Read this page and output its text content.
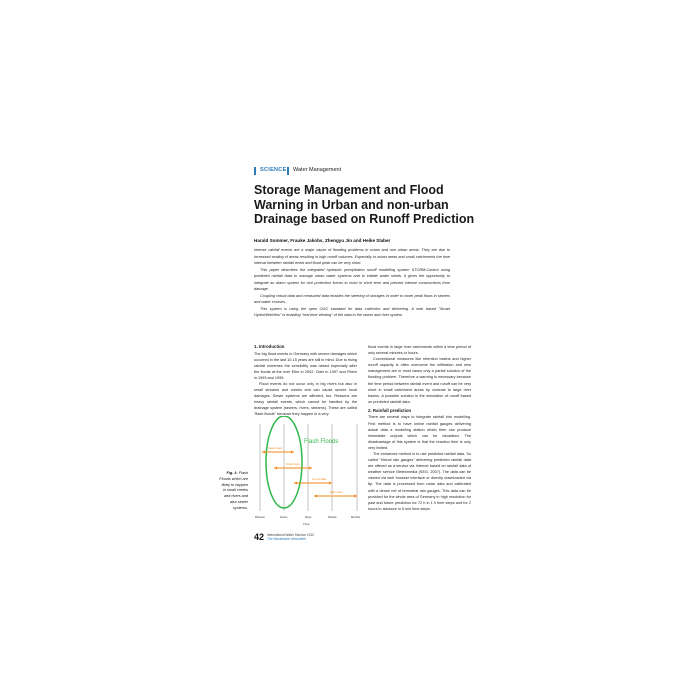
SCIENCE Water Management
Storage Management and Flood
Warning in Urban and non-urban
Drainage based on Runoff Prediction
Harald Sommer, Frauke Jakobs, Zhengyu Jin and Heike Slaber

Intense rainfall events are a major cause of flooding problems in urban and non urban areas. They are due to increased sealing of areas resulting in high runoff volumes. Especially in urban areas and small catchments the time interval between rainfall event and flood peak can be very short.

This paper describes the integrated hydraulic precipitation runoff modelling system STORM.Control using predicted rainfall data to manage urban water systems and to initiate water sheds. It gives the opportunity to integrate an alarm system for civil protection forces to react in short term and prevent intense constructions from damage.

Coupling virtual data and measured data enables the steering of storages in order to lower peak flows in sewers and water courses.

This system is using the open OGC standard for data collection and delivering. A web based "Smart HydroWebView" is enabling "real time viewing" of the data in the sewer and river system.

1. Introduction

The big flood events in Germany with severe damages which occurred in the last 10-15 years are still in mind. Due to rising rainfall extremes the sensibility was raised especially after the floods at the river Elbe in 2002, Oder in 1997 and Rhein in 1993 and 1995.

Flood events do not occur only in big rivers but also in small streams and creeks and can cause severe local damages. Sewer systems are affected, too. Reasons are heavy rainfall events, which cannot be handled by the drainage system (sewers, rivers, streams). These are called "flash floods" because they happen in a very

flood events in large river catchments within a time period of only several minutes or hours.

Conventional measures like retention basins and higher runoff capacity is often overcome the infiltration and new management are in most cases only a partial solution of the flooding problem. Therefore a warning is necessary because the time period between rainfall event and runoff can be very short in small catchment areas by contrast to large river basins. A possible solution is the simulation of runoff based on predicted rainfall data.

2. Rainfall prediction

There are several ways to integrate rainfall into modelling. First method is to have online rainfall gauges delivering actual data a modelling station which then can produce immediate outputs which can be visualized. The disadvantage of this system is that the reaction time is only very limited.

The enhanced method is to use predicted rainfall data. So called "Virtual rain gauges" delivering predicted rainfall data are offered as a service via Internet based on rainfall data of weather service Meteomedia (SEG, 2007). The data can be viewed via web browser interface or directly downloaded via ftp. The data is processed from radar data and calibrated with a dense net of terrestrial rain gauges. This data can be provided for the whole area of Germany in high resolution for past and future prediction for 72 h in 1 h time steps and for 2 hours in advance in 5 min time steps.

Fig. 1: Flash Floods which are likely to happen in small creeks and rivers and also sewer systems.
Flash Floods
Sewer pipes
Small rivers
Lg river Elbe
Main rivers
Minutes	Hours	Days	Weeks	Months
Time
42 International Water Science 2010
The Wastewater Newsletter
